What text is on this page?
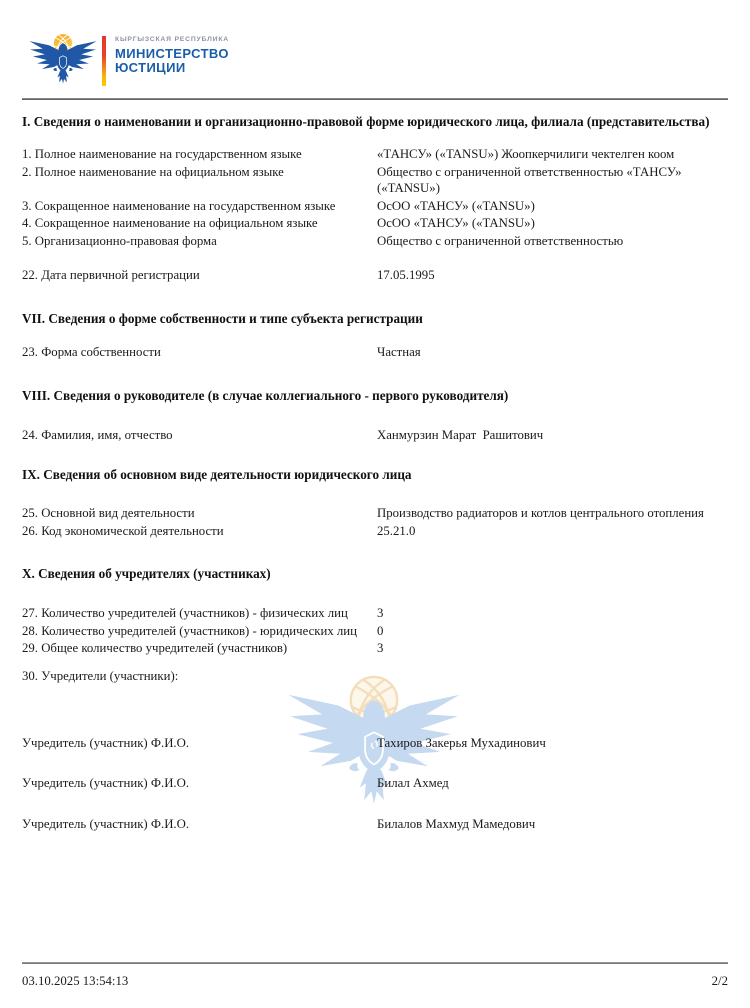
КЫРГЫЗСКАЯ РЕСПУБЛИКА
МИНИСТЕРСТВО
ЮСТИЦИИ
I. Сведения о наименовании и организационно-правовой форме юридического лица, филиала (представительства)
1. Полное наименование на государственном языке	«ТАНСУ» («TANSU») Жоопкерчилиги чектелген коом
2. Полное наименование на официальном языке	Общество с ограниченной ответственностью «ТАНСУ» («TANSU»)
3. Сокращенное наименование на государственном языке	ОсОО «ТАНСУ» («TANSU»)
4. Сокращенное наименование на официальном языке	ОсОО «ТАНСУ» («TANSU»)
5. Организационно-правовая форма	Общество с ограниченной ответственностью
22. Дата первичной регистрации	17.05.1995
VII. Сведения о форме собственности и типе субъекта регистрации
23. Форма собственности	Частная
VIII. Сведения о руководителе (в случае коллегиального - первого руководителя)
24. Фамилия, имя, отчество	Ханмурзин Марат  Рашитович
IX. Сведения об основном виде деятельности юридического лица
25. Основной вид деятельности	Производство радиаторов и котлов центрального отопления
26. Код экономической деятельности	25.21.0
X. Сведения об учредителях (участниках)
27. Количество учредителей (участников) - физических лиц	3
28. Количество учредителей (участников) - юридических лиц	0
29. Общее количество учредителей (участников)	3
30. Учредители (участники):
Учредитель (участник) Ф.И.О.	Тахиров Закерья Мухадинович
Учредитель (участник) Ф.И.О.	Билал Ахмед
Учредитель (участник) Ф.И.О.	Билалов Махмуд Мамедович
03.10.2025 13:54:13	2/2
